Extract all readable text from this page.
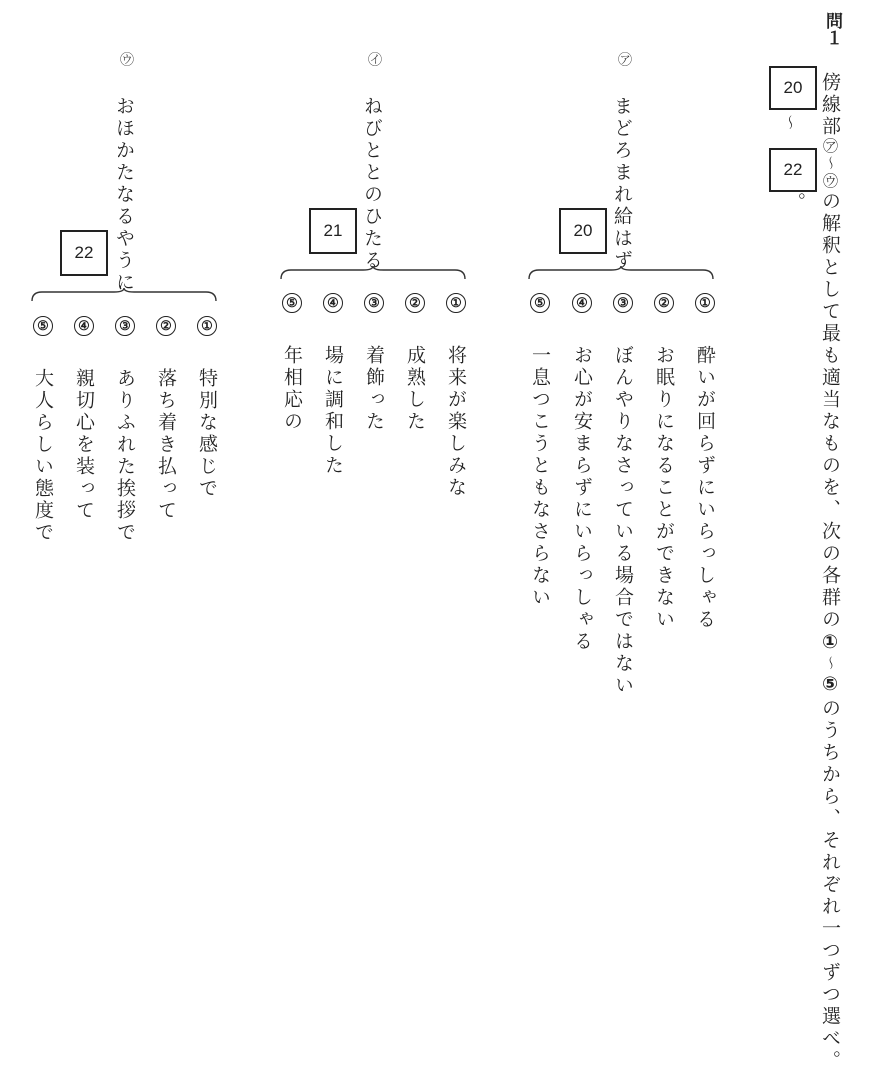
問１
20
〜
22
。
傍線部㋐〜㋒の解釈として最も適当なものを、次の各群の①〜⑤のうちから、それぞれ一つずつ選べ。
㋐
まどろまれ給はず
20
①
酔いが回らずにいらっしゃる
②
お眠りになることができない
③
ぼんやりなさっている場合ではない
④
お心が安まらずにいらっしゃる
⑤
一息つこうともなさらない
㋑
ねびととのひたる
21
①
将来が楽しみな
②
成熟した
③
着飾った
④
場に調和した
⑤
年相応の
㋒
おほかたなるやうに
22
①
特別な感じで
②
落ち着き払って
③
ありふれた挨拶で
④
親切心を装って
⑤
大人らしい態度で
